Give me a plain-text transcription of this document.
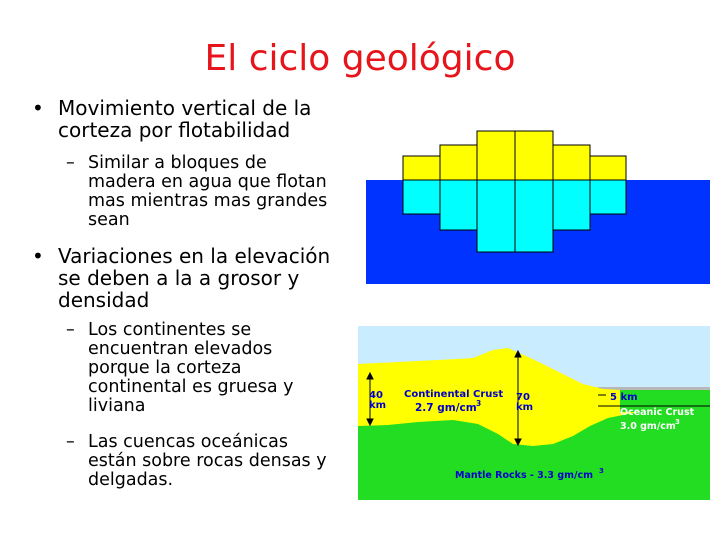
El ciclo geológico
• Movimiento vertical de la
corteza por flotabilidad
– Similar a bloques de
madera en agua que flotan
mas mientras mas grandes
sean
• Variaciones en la elevación
se deben a la a grosor y
densidad
– Los continentes se
encuentran elevados
porque la corteza
continental es gruesa y
liviana
– Las cuencas oceánicas
están sobre rocas densas y
delgadas.
40
km
70
km
Continental Crust
2.7 gm/cm 3
5 km
Oceanic Crust
3.0 gm/cm 3
Mantle Rocks - 3.3 gm/cm 3
